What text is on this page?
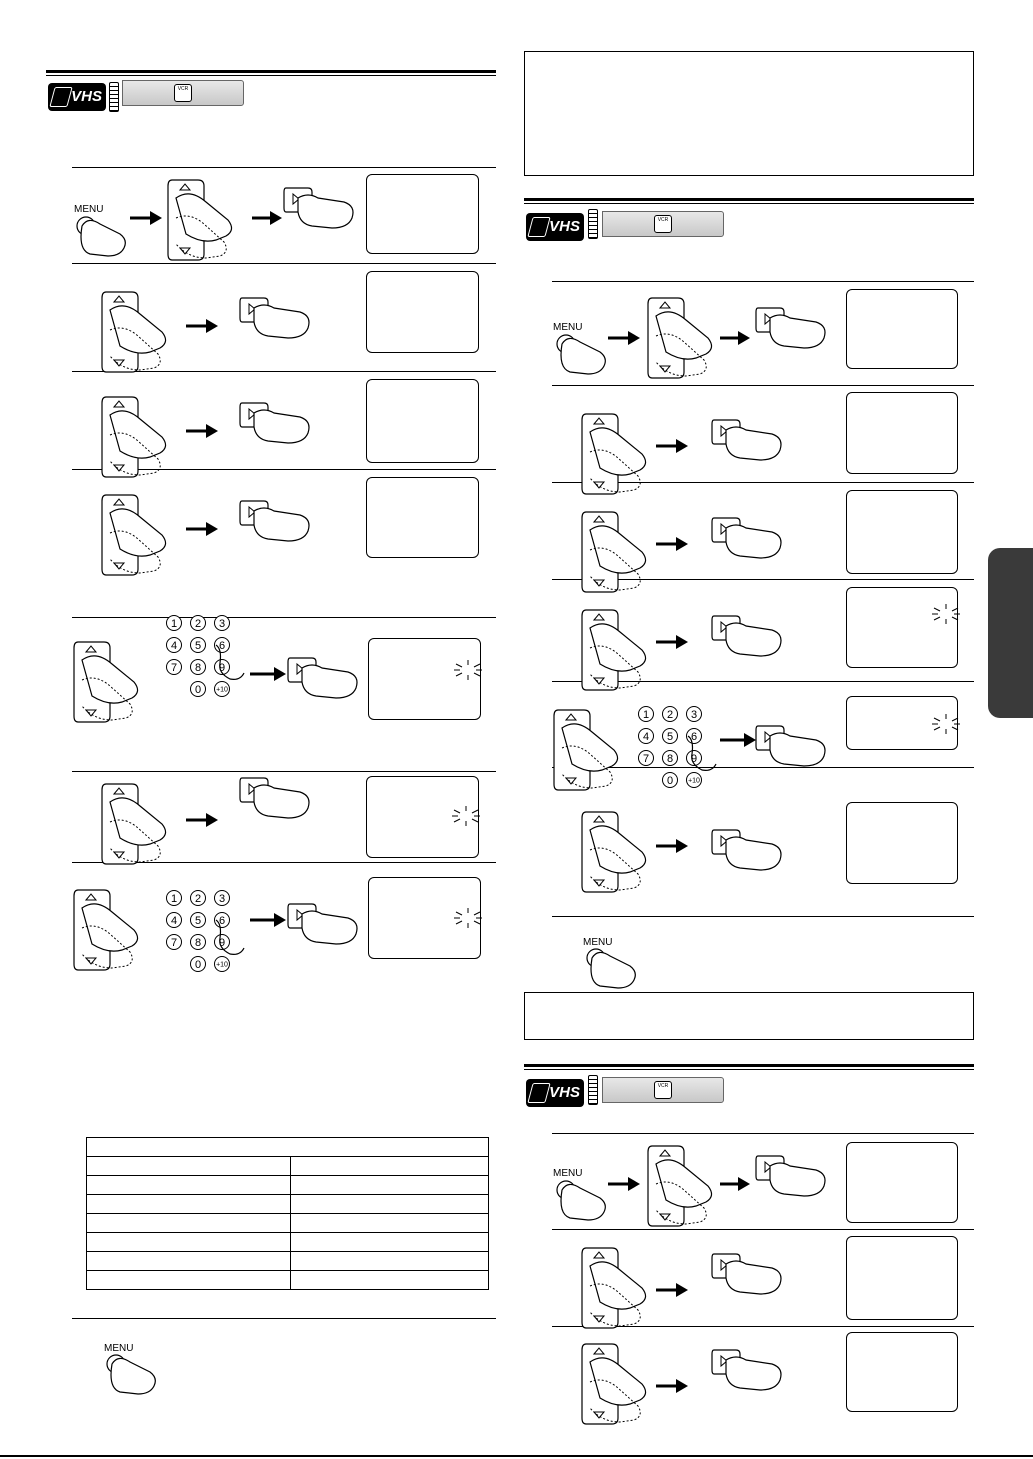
VHS	VCR
MENU

MENU
VHS	VCR
MENU
MENU
VHS	VCR
MENU
1 2 3
4 5 6
7 8 9
0 +10
1 2 3
4 5 6
7 8 9
0 +10
1 2 3
4 5 6
7 8 9
0 +10
